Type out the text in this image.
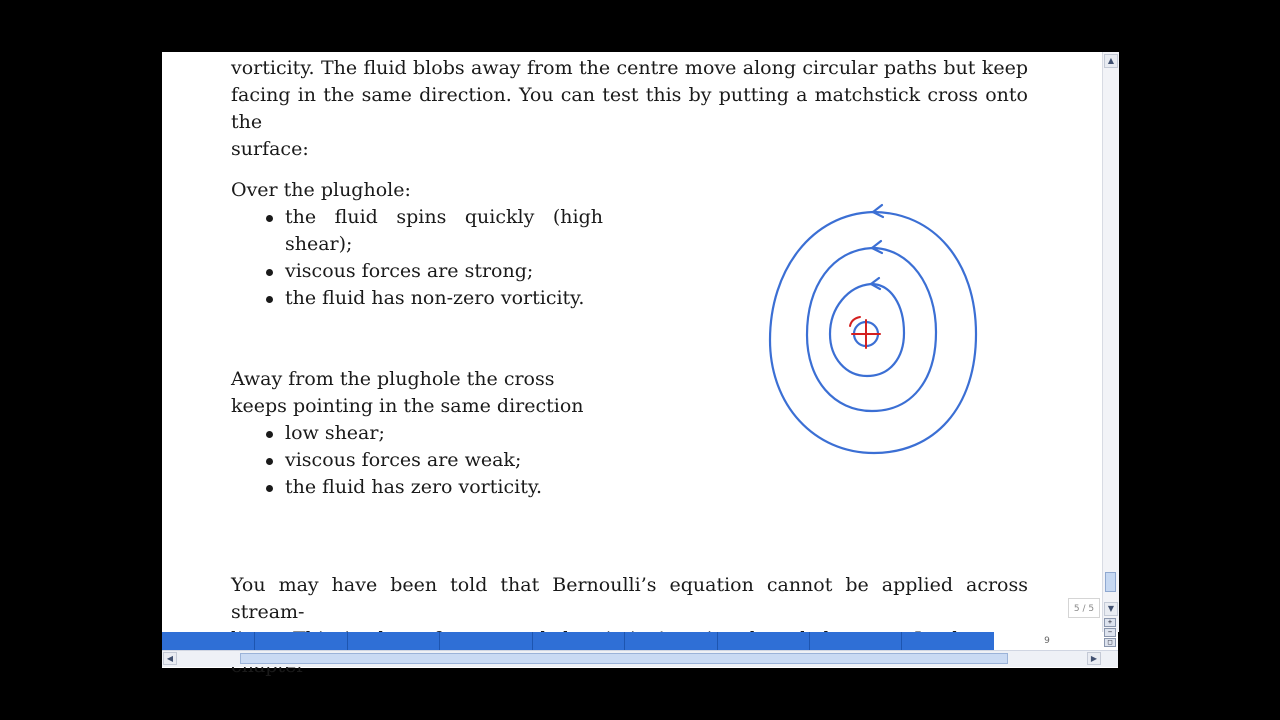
vorticity. The fluid blobs away from the centre move along circular paths but keep

facing in the same direction. You can test this by putting a matchstick cross onto the

surface:

Over the plughole:

the fluid spins quickly (high shear);
viscous forces are strong;
the fluid has non-zero vorticity.

Away from the plughole the cross keeps pointing in the same direction

low shear;
viscous forces are weak;
the fluid has zero vorticity.

You may have been told that Bernoulli’s equation cannot be applied across stream-

▲
▼
5 / 5
+
−
□
9
◀	▶
